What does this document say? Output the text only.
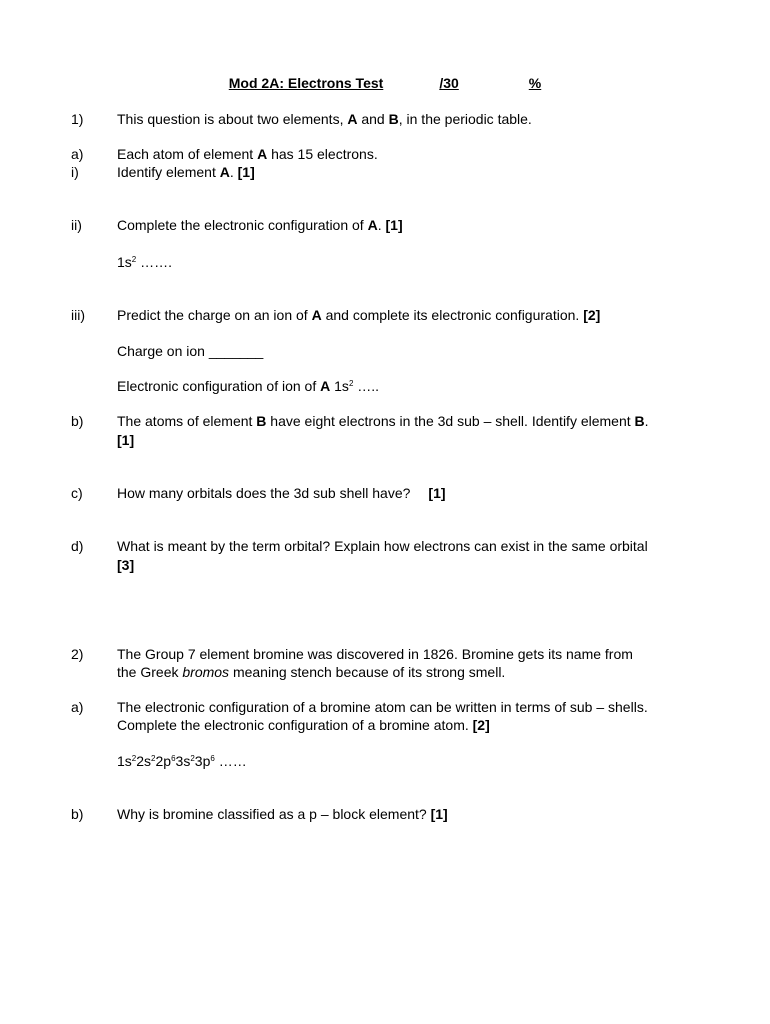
Mod 2A: Electrons Test	/30	%
1) This question is about two elements, A and B, in the periodic table.
a) Each atom of element A has 15 electrons.
i)	Identify element A. [1]
ii)	Complete the electronic configuration of A. [1]
$1s^2$ …….
iii) Predict the charge on an ion of A and complete its electronic configuration. [2]
Charge on ion _______
Electronic configuration of ion of A $1s^2$ …..
b) The atoms of element B have eight electrons in the 3d sub – shell. Identify element B.
[1]
c) How many orbitals does the 3d sub shell have? [1]
d) What is meant by the term orbital? Explain how electrons can exist in the same orbital
[3]
2) The Group 7 element bromine was discovered in 1826. Bromine gets its name from
the Greek bromos meaning stench because of its strong smell.
a) The electronic configuration of a bromine atom can be written in terms of sub – shells.
Complete the electronic configuration of a bromine atom. [2]
$1s^22s^22p^63s^23p^6$ ……
b) Why is bromine classified as a p – block element? [1]
